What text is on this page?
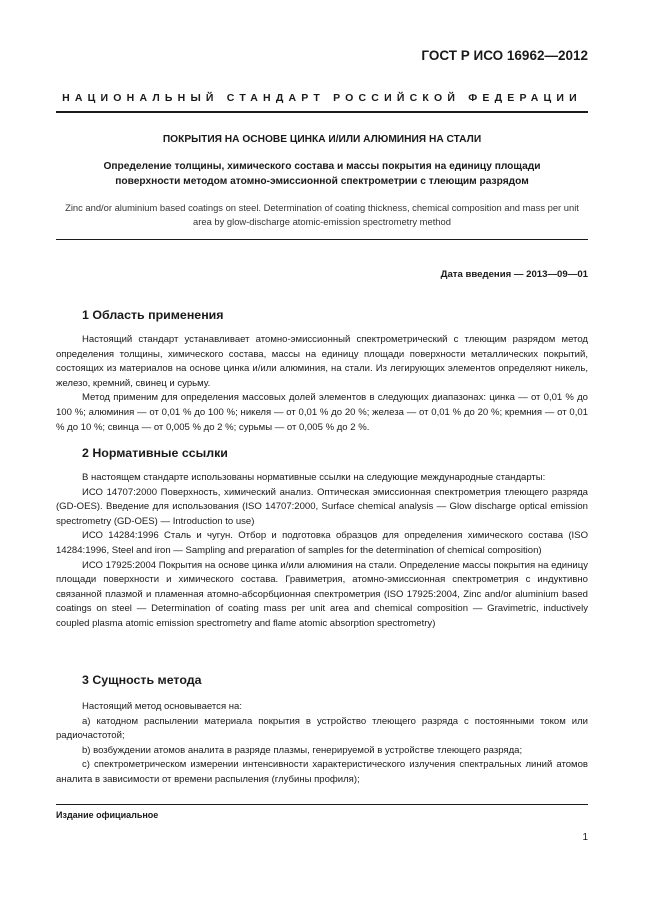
ГОСТ Р ИСО 16962—2012
НАЦИОНАЛЬНЫЙ СТАНДАРТ РОССИЙСКОЙ ФЕДЕРАЦИИ
ПОКРЫТИЯ НА ОСНОВЕ ЦИНКА И/ИЛИ АЛЮМИНИЯ НА СТАЛИ
Определение толщины, химического состава и массы покрытия на единицу площади
поверхности методом атомно-эмиссионной спектрометрии с тлеющим разрядом
Zinc and/or aluminium based coatings on steel. Determination of coating thickness, chemical composition and mass per unit area by glow-discharge atomic-emission spectrometry method
Дата введения — 2013—09—01
1 Область применения

Настоящий стандарт устанавливает атомно-эмиссионный спектрометрический с тлеющим разрядом метод определения толщины, химического состава, массы на единицу площади поверхности металлических покрытий, состоящих из материалов на основе цинка и/или алюминия, на стали. Из легирующих элементов определяют никель, железо, кремний, свинец и сурьму.

Метод применим для определения массовых долей элементов в следующих диапазонах: цинка — от 0,01 % до 100 %; алюминия — от 0,01 % до 100 %; никеля — от 0,01 % до 20 %; железа — от 0,01 % до 20 %; кремния — от 0,01 % до 10 %; свинца — от 0,005 % до 2 %; сурьмы — от 0,005 % до 2 %.

2 Нормативные ссылки

В настоящем стандарте использованы нормативные ссылки на следующие международные стандарты:

ИСО 14707:2000 Поверхность, химический анализ. Оптическая эмиссионная спектрометрия тлеющего разряда (GD-OES). Введение для использования (ISO 14707:2000, Surface chemical analysis — Glow discharge optical emission spectrometry (GD-OES) — Introduction to use)

ИСО 14284:1996 Сталь и чугун. Отбор и подготовка образцов для определения химического состава (ISO 14284:1996, Steel and iron — Sampling and preparation of samples for the determination of chemical composition)

ИСО 17925:2004 Покрытия на основе цинка и/или алюминия на стали. Определение массы покрытия на единицу площади поверхности и химического состава. Гравиметрия, атомно-эмиссионная спектрометрия с индуктивно связанной плазмой и пламенная атомно-абсорбционная спектрометрия (ISO 17925:2004, Zinc and/or aluminium based coatings on steel — Determination of coating mass per unit area and chemical composition — Gravimetric, inductively coupled plasma atomic emission spectrometry and flame atomic absorption spectrometry)

3 Сущность метода

Настоящий метод основывается на:

а) катодном распылении материала покрытия в устройство тлеющего разряда с постоянными током или радиочастотой;

b) возбуждении атомов аналита в разряде плазмы, генерируемой в устройстве тлеющего разряда;

с) спектрометрическом измерении интенсивности характеристического излучения спектральных линий атомов аналита в зависимости от времени распыления (глубины профиля);

Издание официальное
1
